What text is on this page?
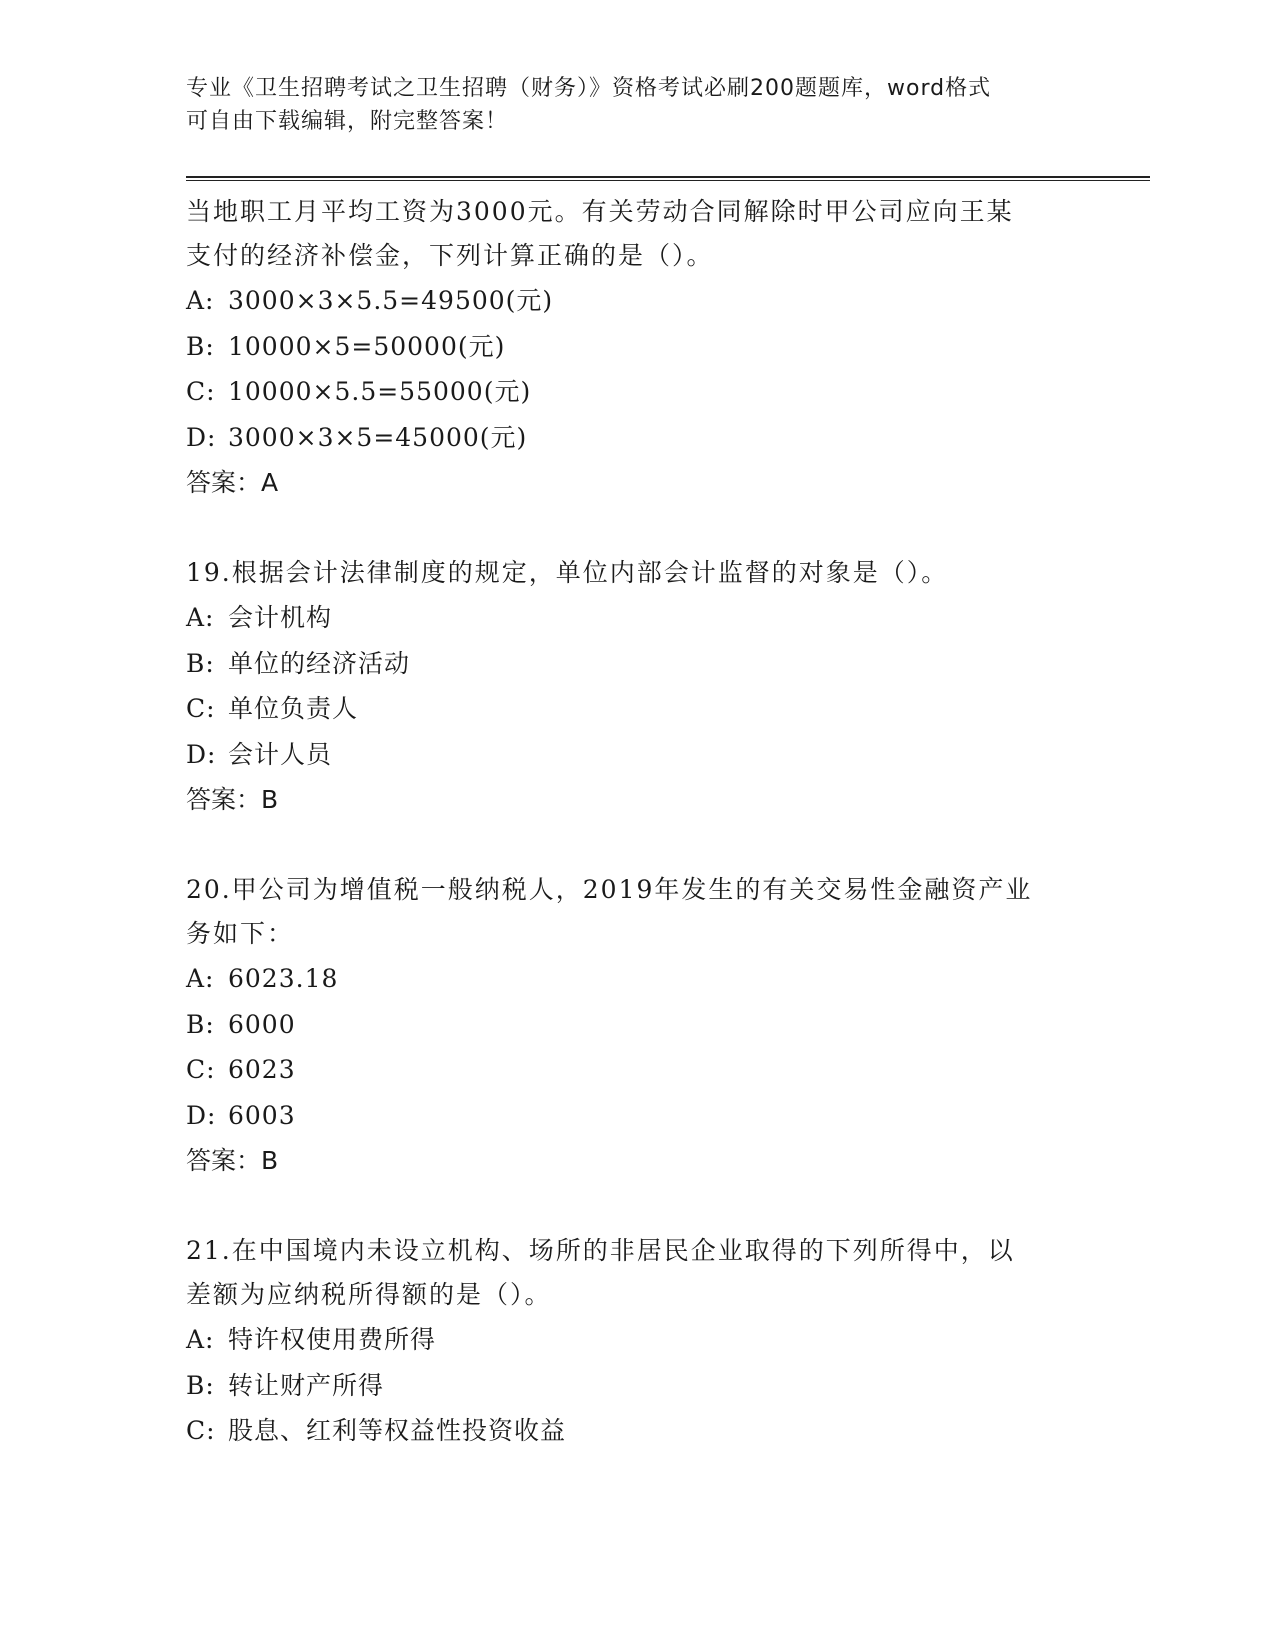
专业《卫生招聘考试之卫生招聘（财务）》资格考试必刷200题题库，word格式
可自由下载编辑，附完整答案！
当地职工月平均工资为3000元。有关劳动合同解除时甲公司应向王某
支付的经济补偿金，下列计算正确的是（）。
A: 3000×3×5.5=49500(元)
B: 10000×5=50000(元)
C: 10000×5.5=55000(元)
D: 3000×3×5=45000(元)
答案：A
19.根据会计法律制度的规定，单位内部会计监督的对象是（）。
A: 会计机构
B: 单位的经济活动
C: 单位负责人
D: 会计人员
答案：B
20.甲公司为增值税一般纳税人，2019年发生的有关交易性金融资产业
务如下：
A: 6023.18
B: 6000
C: 6023
D: 6003
答案：B
21.在中国境内未设立机构、场所的非居民企业取得的下列所得中，以
差额为应纳税所得额的是（）。
A: 特许权使用费所得
B: 转让财产所得
C: 股息、红利等权益性投资收益
